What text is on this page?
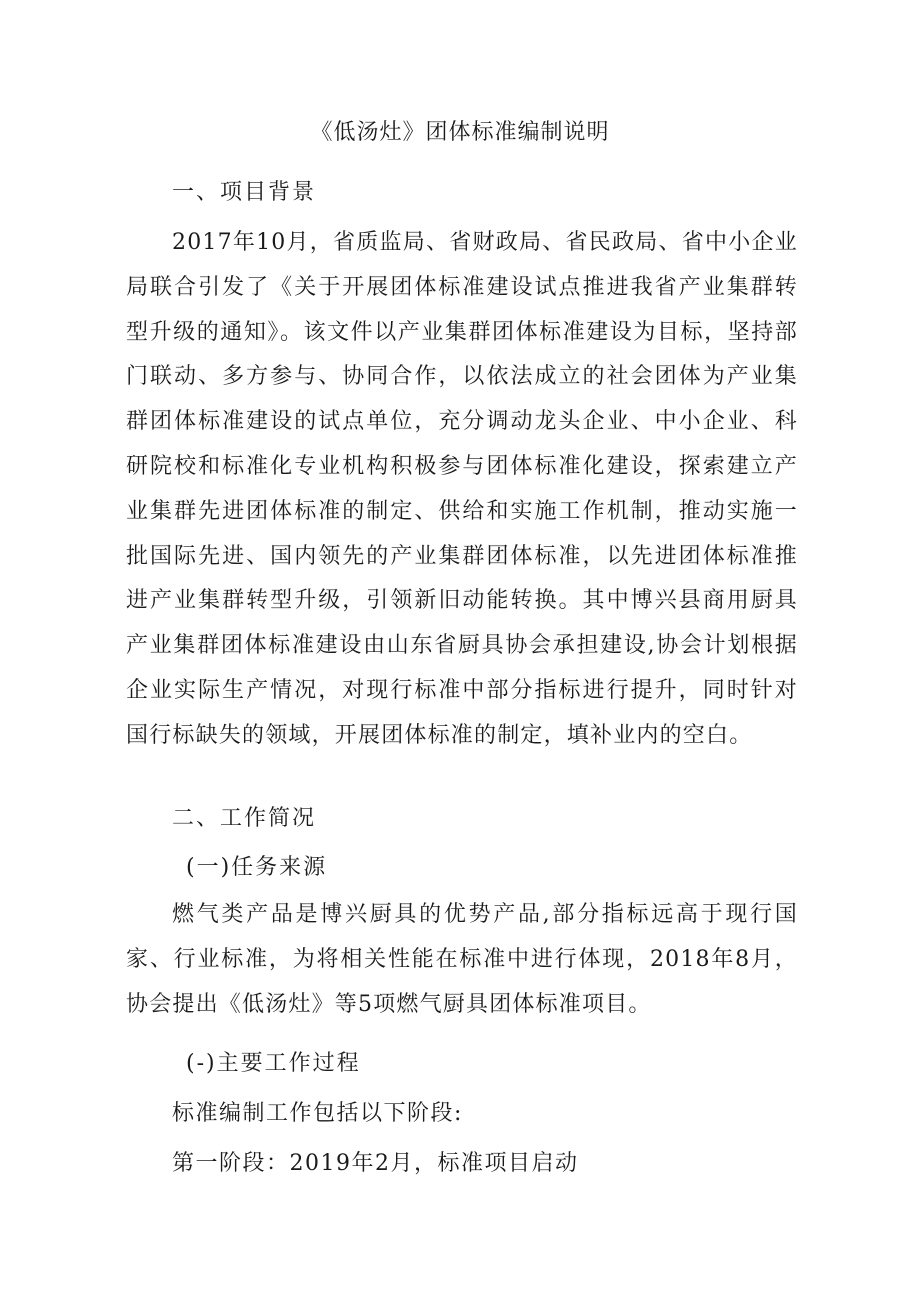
《低汤灶》团体标准编制说明
一、项目背景

2017年10月，省质监局、省财政局、省民政局、省中小企业局联合引发了《关于开展团体标准建设试点推进我省产业集群转型升级的通知》。该文件以产业集群团体标准建设为目标，坚持部门联动、多方参与、协同合作，以依法成立的社会团体为产业集群团体标准建设的试点单位，充分调动龙头企业、中小企业、科研院校和标准化专业机构积极参与团体标准化建设，探索建立产业集群先进团体标准的制定、供给和实施工作机制，推动实施一批国际先进、国内领先的产业集群团体标准，以先进团体标准推进产业集群转型升级，引领新旧动能转换。其中博兴县商用厨具产业集群团体标准建设由山东省厨具协会承担建设,协会计划根据企业实际生产情况，对现行标准中部分指标进行提升，同时针对国行标缺失的领域，开展团体标准的制定，填补业内的空白。

二、工作简况
(一)任务来源

燃气类产品是博兴厨具的优势产品,部分指标远高于现行国家、行业标准，为将相关性能在标准中进行体现，2018年8月，协会提出《低汤灶》等5项燃气厨具团体标准项目。

(-)主要工作过程

标准编制工作包括以下阶段:

第一阶段：2019年2月，标准项目启动
